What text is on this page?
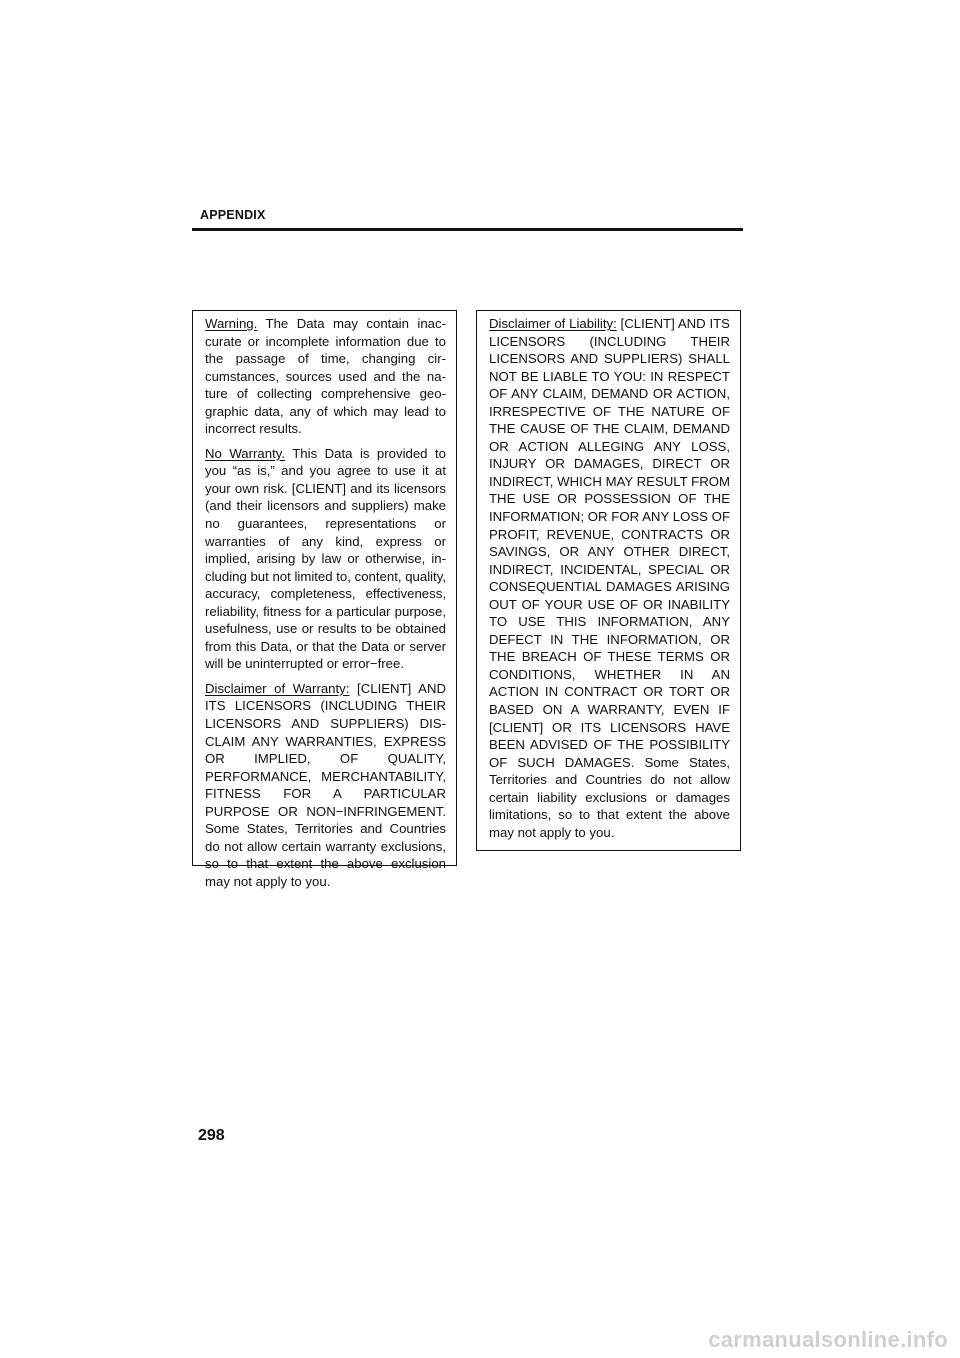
APPENDIX

Warning. The Data may contain inaccurate or incomplete information due to the passage of time, changing circumstances, sources used and the nature of collecting comprehensive geographic data, any of which may lead to incorrect results.

No Warranty. This Data is provided to you “as is,” and you agree to use it at your own risk. [CLIENT] and its licensors (and their licensors and suppliers) make no guarantees, representations or warranties of any kind, express or implied, arising by law or otherwise, including but not limited to, content, quality, accuracy, completeness, effectiveness, reliability, fitness for a particular purpose, usefulness, use or results to be obtained from this Data, or that the Data or server will be uninterrupted or error−free.

Disclaimer of Warranty: [CLIENT] AND ITS LICENSORS (INCLUDING THEIR LICENSORS AND SUPPLIERS) DISCLAIM ANY WARRANTIES, EXPRESS OR IMPLIED, OF QUALITY, PERFORMANCE, MERCHANTABILITY, FITNESS FOR A PARTICULAR PURPOSE OR NON−INFRINGEMENT. Some States, Territories and Countries do not allow certain warranty exclusions, so to that extent the above exclusion may not apply to you.

Disclaimer of Liability: [CLIENT] AND ITS LICENSORS (INCLUDING THEIR LICENSORS AND SUPPLIERS) SHALL NOT BE LIABLE TO YOU: IN RESPECT OF ANY CLAIM, DEMAND OR ACTION, IRRESPECTIVE OF THE NATURE OF THE CAUSE OF THE CLAIM, DEMAND OR ACTION ALLEGING ANY LOSS, INJURY OR DAMAGES, DIRECT OR INDIRECT, WHICH MAY RESULT FROM THE USE OR POSSESSION OF THE INFORMATION; OR FOR ANY LOSS OF PROFIT, REVENUE, CONTRACTS OR SAVINGS, OR ANY OTHER DIRECT, INDIRECT, INCIDENTAL, SPECIAL OR CONSEQUENTIAL DAMAGES ARISING OUT OF YOUR USE OF OR INABILITY TO USE THIS INFORMATION, ANY DEFECT IN THE INFORMATION, OR THE BREACH OF THESE TERMS OR CONDITIONS, WHETHER IN AN ACTION IN CONTRACT OR TORT OR BASED ON A WARRANTY, EVEN IF [CLIENT] OR ITS LICENSORS HAVE BEEN ADVISED OF THE POSSIBILITY OF SUCH DAMAGES. Some States, Territories and Countries do not allow certain liability exclusions or damages limitations, so to that extent the above may not apply to you.

298
carmanualsonline.info
